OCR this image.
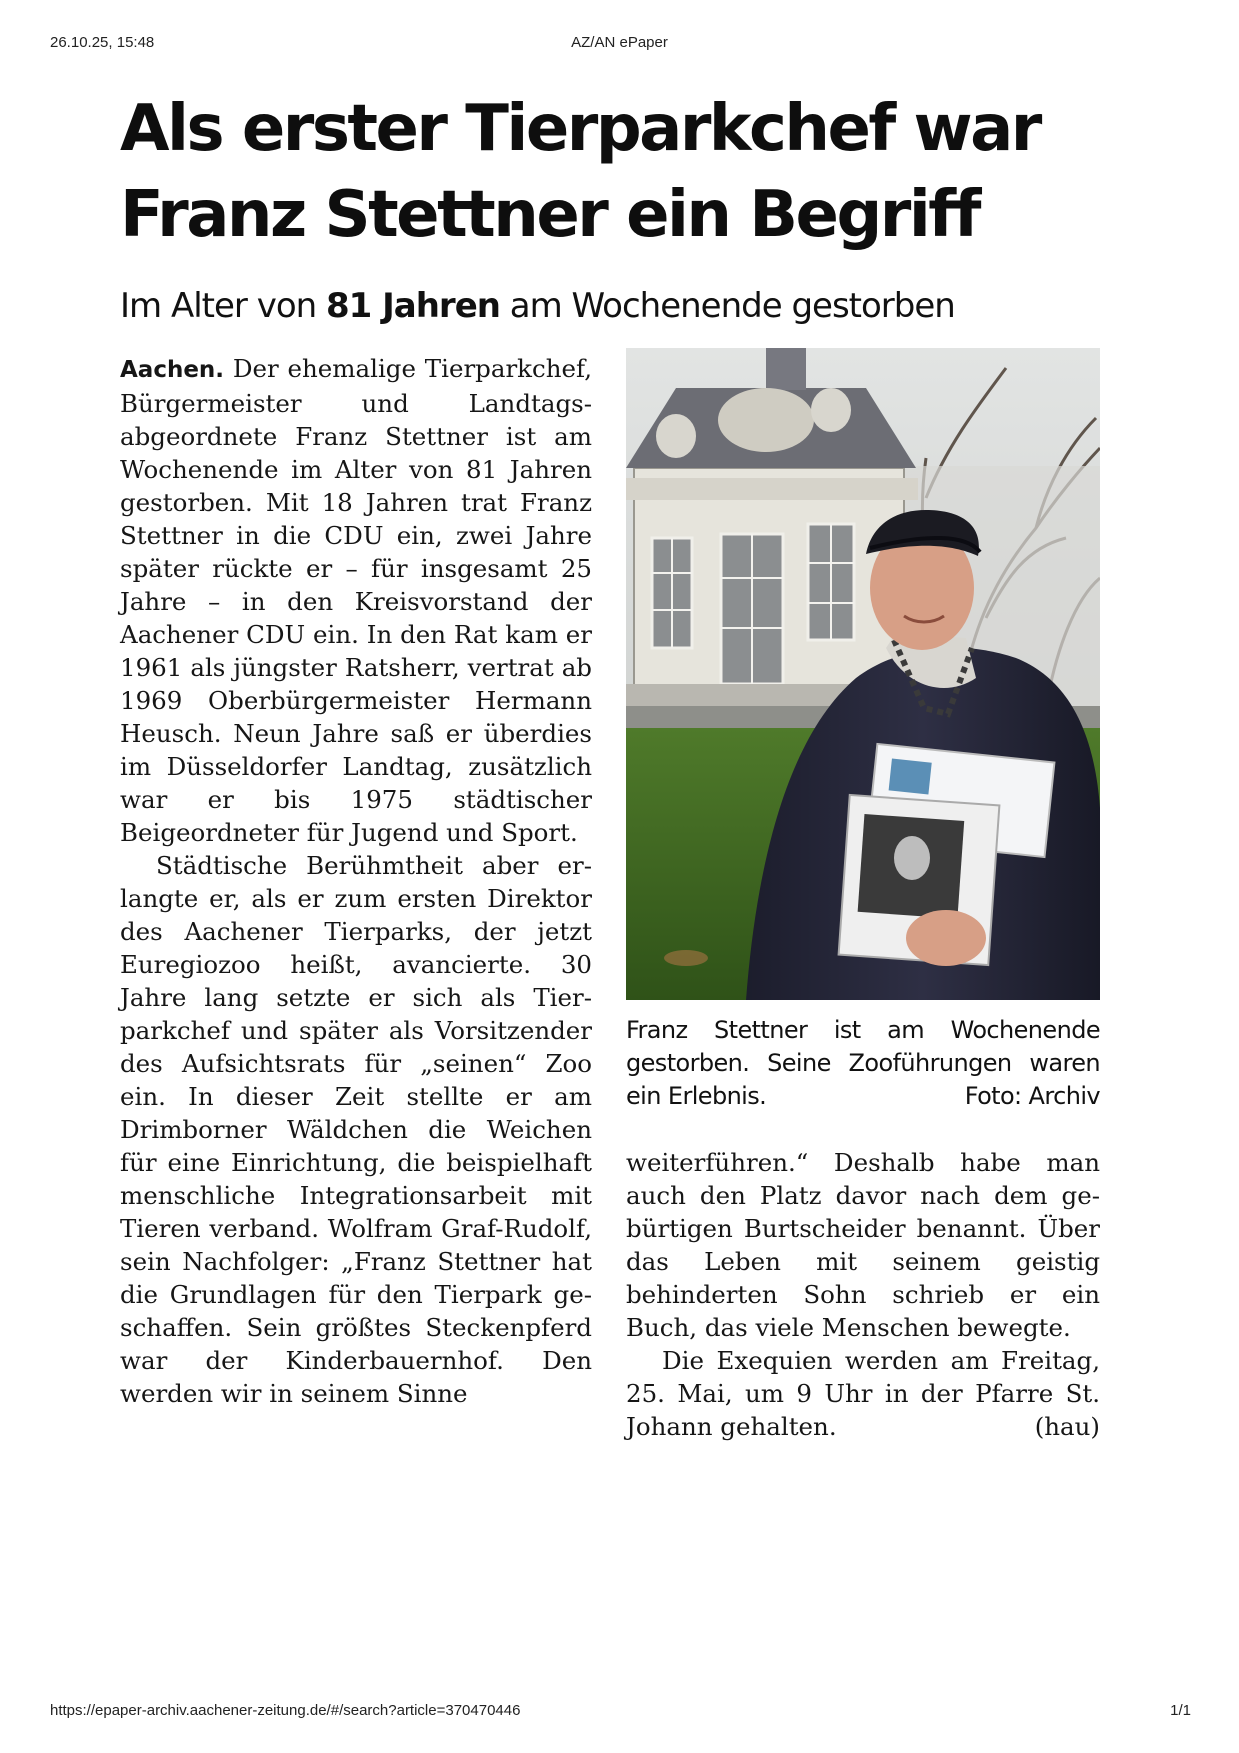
26.10.25, 15:48	AZ/AN ePaper
Als erster Tierparkchef war
Franz Stettner ein Begriff
Im Alter von 81 Jahren am Wochenende gestorben

Aachen. Der ehemalige Tierparkchef, Bürgermeister und Landtagsabgeordnete Franz Stettner ist am Wochenende im Alter von 81 Jahren gestorben. Mit 18 Jahren trat Franz Stettner in die CDU ein, zwei Jahre später rückte er – für insgesamt 25 Jahre – in den Kreisvorstand der Aachener CDU ein. In den Rat kam er 1961 als jüngster Ratsherr, vertrat ab 1969 Oberbürgermeister Hermann Heusch. Neun Jahre saß er überdies im Düsseldorfer Landtag, zusätzlich war er bis 1975 städtischer Beigeordneter für Jugend und Sport.

Städtische Berühmtheit aber erlangte er, als er zum ersten Direktor des Aachener Tierparks, der jetzt Euregiozoo heißt, avancierte. 30 Jahre lang setzte er sich als Tierparkchef und später als Vorsitzender des Aufsichtsrats für „seinen“ Zoo ein. In dieser Zeit stellte er am Drimborner Wäldchen die Weichen für eine Einrichtung, die beispielhaft menschliche Integrationsarbeit mit Tieren verband. Wolfram Graf-Rudolf, sein Nachfolger: „Franz Stettner hat die Grundlagen für den Tierpark geschaffen. Sein größtes Steckenpferd war der Kinderbauernhof. Den werden wir in seinem Sinne

Franz Stettner ist am Wochenende gestorben. Seine Zooführungen waren ein Erlebnis.	Foto: Archiv

weiterführen.“ Deshalb habe man auch den Platz davor nach dem gebürtigen Burtscheider benannt. Über das Leben mit seinem geistig behinderten Sohn schrieb er ein Buch, das viele Menschen bewegte.

Die Exequien werden am Freitag, 25. Mai, um 9 Uhr in der Pfarre St. Johann gehalten.	(hau)

https://epaper-archiv.aachener-zeitung.de/#/search?article=370470446	1/1
